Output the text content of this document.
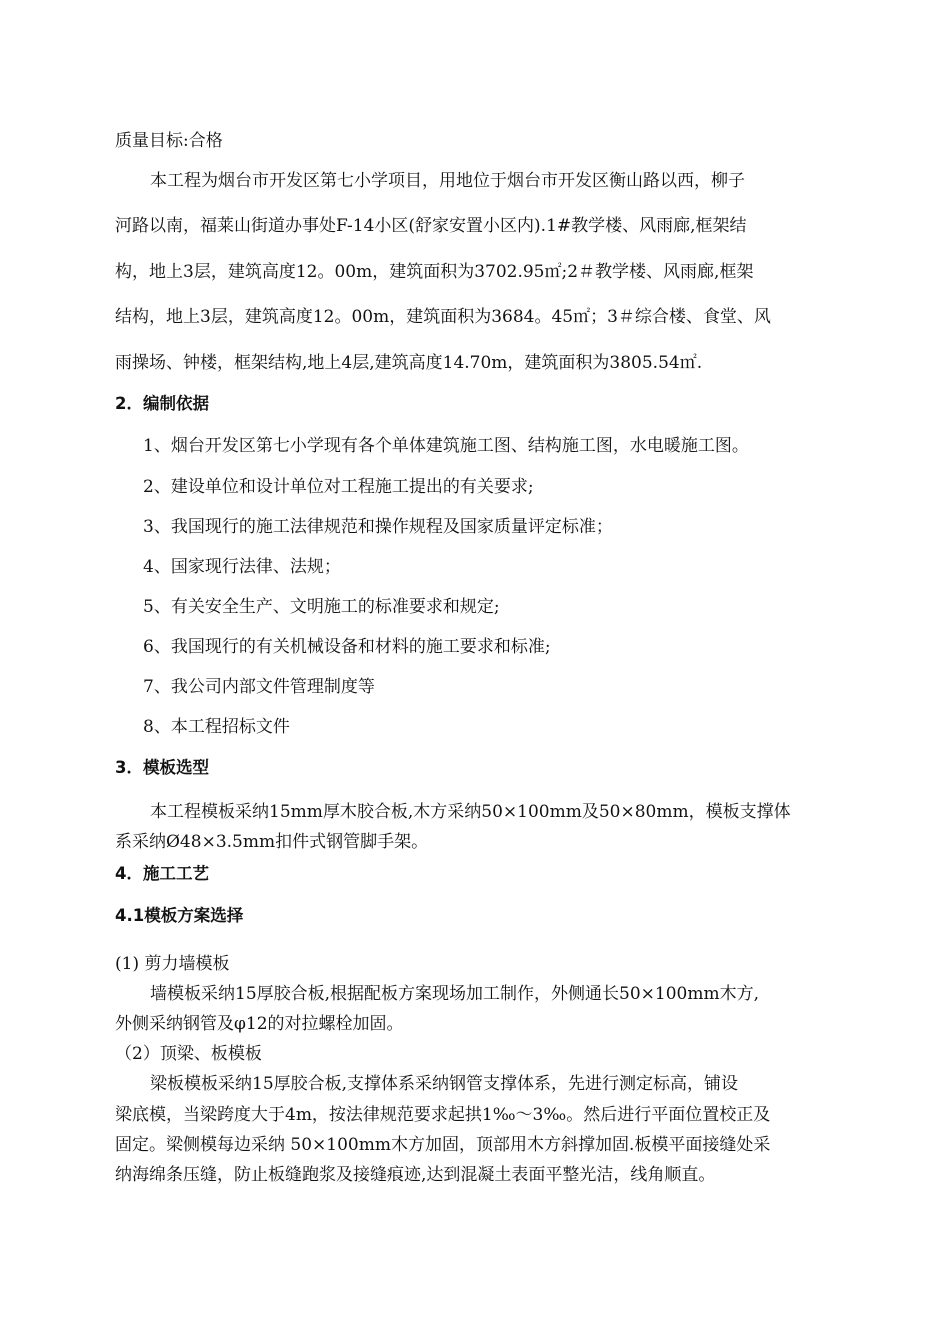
质量目标:合格
本工程为烟台市开发区第七小学项目，用地位于烟台市开发区衡山路以西，柳子
河路以南，福莱山街道办事处F-14小区(舒家安置小区内).1#教学楼、风雨廊,框架结
构，地上3层，建筑高度12。00m，建筑面积为3702.95㎡;2＃教学楼、风雨廊,框架
结构，地上3层，建筑高度12。00m，建筑面积为3684。45㎡；3＃综合楼、食堂、风
雨操场、钟楼，框架结构,地上4层,建筑高度14.70m，建筑面积为3805.54㎡.
2．编制依据
1、烟台开发区第七小学现有各个单体建筑施工图、结构施工图，水电暖施工图。
2、建设单位和设计单位对工程施工提出的有关要求;
3、我国现行的施工法律规范和操作规程及国家质量评定标准；
4、国家现行法律、法规；
5、有关安全生产、文明施工的标准要求和规定;
6、我国现行的有关机械设备和材料的施工要求和标准;
7、我公司内部文件管理制度等
8、本工程招标文件
3．模板选型
本工程模板采纳15mm厚木胶合板,木方采纳50×100mm及50×80mm，模板支撑体
系采纳Ø48×3.5mm扣件式钢管脚手架。
4．施工工艺
4.1模板方案选择
(1) 剪力墙模板
墙模板采纳15厚胶合板,根据配板方案现场加工制作，外侧通长50×100mm木方,
外侧采纳钢管及φ12的对拉螺栓加固。
（2）顶梁、板模板
梁板模板采纳15厚胶合板,支撑体系采纳钢管支撑体系，先进行测定标高，铺设
梁底模，当梁跨度大于4m，按法律规范要求起拱1‰～3‰。然后进行平面位置校正及
固定。梁侧模每边采纳 50×100mm木方加固，顶部用木方斜撑加固.板模平面接缝处采
纳海绵条压缝，防止板缝跑浆及接缝痕迹,达到混凝土表面平整光洁，线角顺直。
